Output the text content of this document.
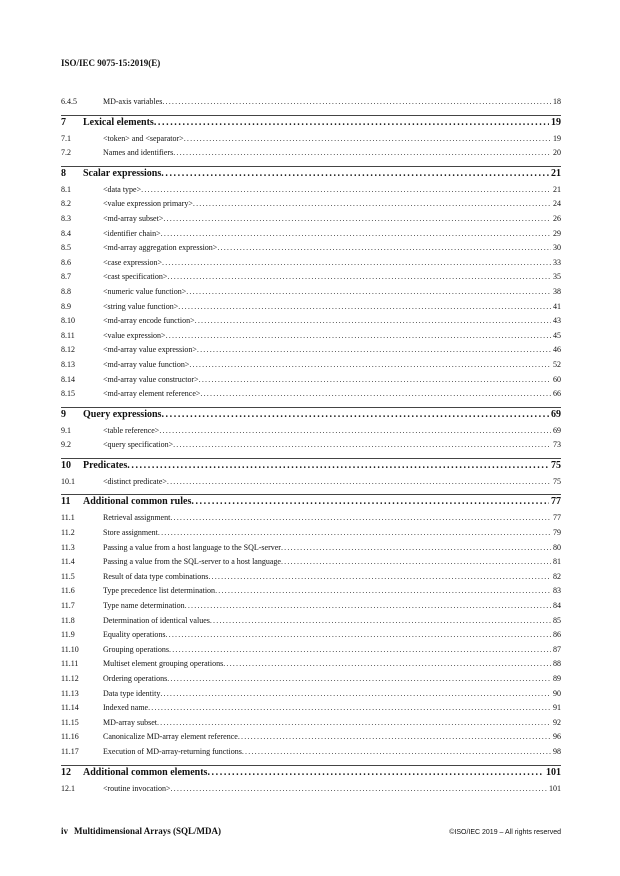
ISO/IEC 9075-15:2019(E)
6.4.5	MD-axis variables .....	18
7	Lexical elements .....	19
7.1	<token> and <separator> .....	19
7.2	Names and identifiers .....	20
8	Scalar expressions .....	21
8.1	<data type> .....	21
8.2	<value expression primary> .....	24
8.3	<md-array subset> .....	26
8.4	<identifier chain> .....	29
8.5	<md-array aggregation expression> .....	30
8.6	<case expression> .....	33
8.7	<cast specification> .....	35
8.8	<numeric value function> .....	38
8.9	<string value function> .....	41
8.10	<md-array encode function> .....	43
8.11	<value expression> .....	45
8.12	<md-array value expression> .....	46
8.13	<md-array value function> .....	52
8.14	<md-array value constructor> .....	60
8.15	<md-array element reference> .....	66
9	Query expressions .....	69
9.1	<table reference> .....	69
9.2	<query specification> .....	73
10	Predicates .....	75
10.1	<distinct predicate> .....	75
11	Additional common rules .....	77
11.1	Retrieval assignment .....	77
11.2	Store assignment .....	79
11.3	Passing a value from a host language to the SQL-server .....	80
11.4	Passing a value from the SQL-server to a host language .....	81
11.5	Result of data type combinations .....	82
11.6	Type precedence list determination .....	83
11.7	Type name determination .....	84
11.8	Determination of identical values .....	85
11.9	Equality operations .....	86
11.10	Grouping operations .....	87
11.11	Multiset element grouping operations .....	88
11.12	Ordering operations .....	89
11.13	Data type identity .....	90
11.14	Indexed name .....	91
11.15	MD-array subset .....	92
11.16	Canonicalize MD-array element reference .....	96
11.17	Execution of MD-array-returning functions .....	98
12	Additional common elements .....	101
12.1	<routine invocation> .....	101
iv Multidimensional Arrays (SQL/MDA)	©ISO/IEC 2019 – All rights reserved
